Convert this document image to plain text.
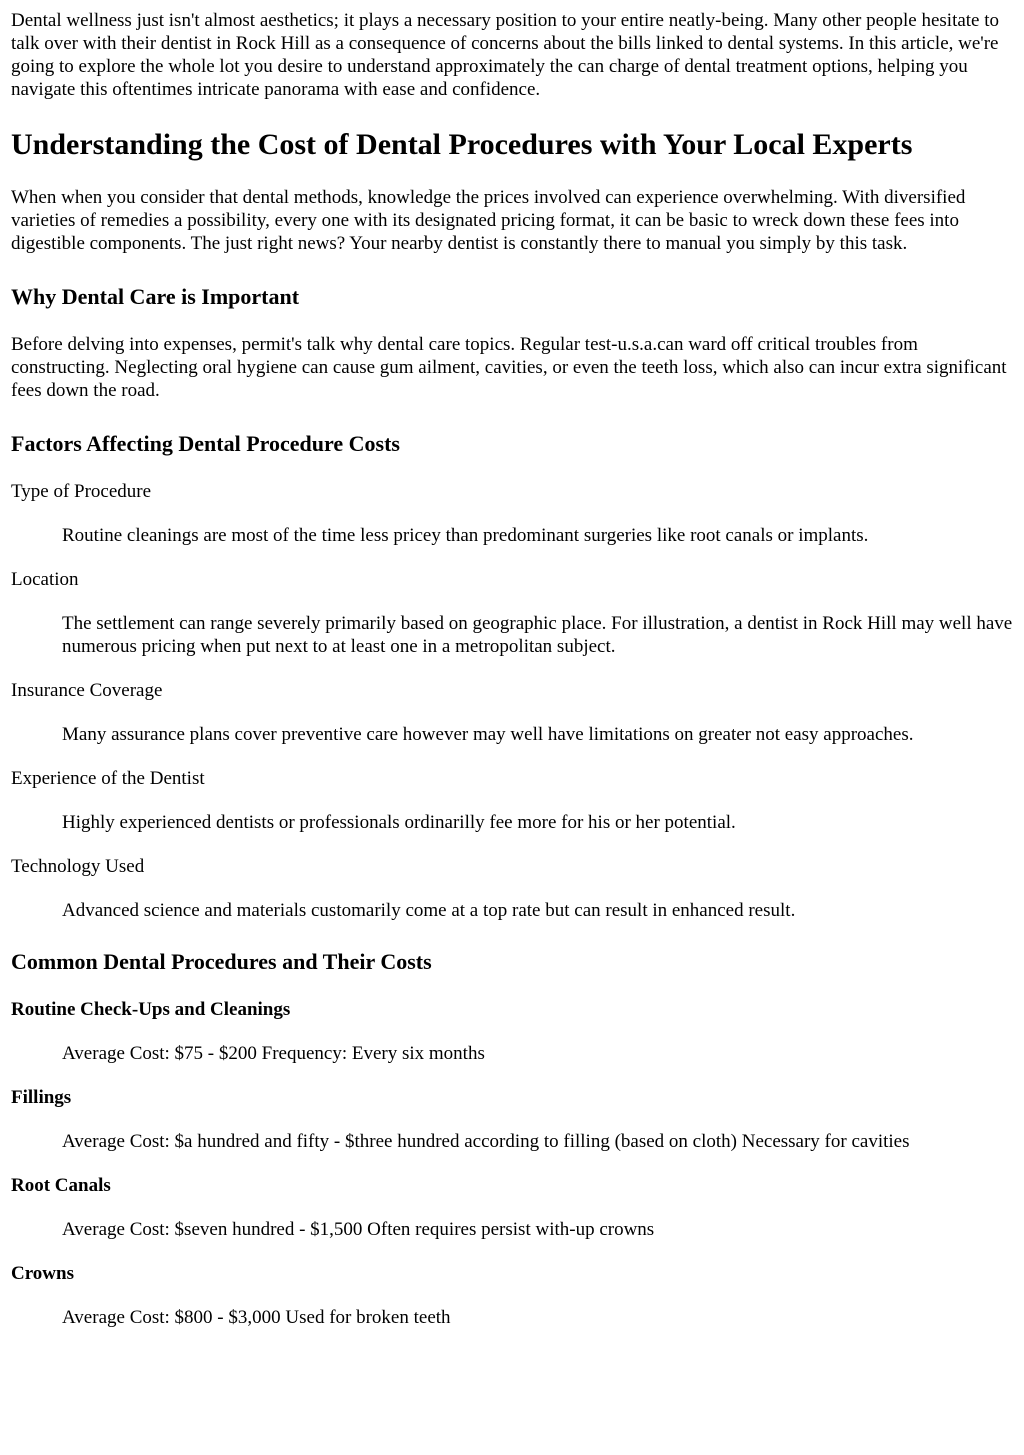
Dental wellness just isn't almost aesthetics; it plays a necessary position to your entire neatly-being. Many other people hesitate to talk over with their dentist in Rock Hill as a consequence of concerns about the bills linked to dental systems. In this article, we're going to explore the whole lot you desire to understand approximately the can charge of dental treatment options, helping you navigate this oftentimes intricate panorama with ease and confidence.

Understanding the Cost of Dental Procedures with Your Local Experts

When when you consider that dental methods, knowledge the prices involved can experience overwhelming. With diversified varieties of remedies a possibility, every one with its designated pricing format, it can be basic to wreck down these fees into digestible components. The just right news? Your nearby dentist is constantly there to manual you simply by this task.

Why Dental Care is Important

Before delving into expenses, permit's talk why dental care topics. Regular test-u.s.a.can ward off critical troubles from constructing. Neglecting oral hygiene can cause gum ailment, cavities, or even the teeth loss, which also can incur extra significant fees down the road.

Factors Affecting Dental Procedure Costs
Type of Procedure
Routine cleanings are most of the time less pricey than predominant surgeries like root canals or implants.
Location
The settlement can range severely primarily based on geographic place. For illustration, a dentist in Rock Hill may well have numerous pricing when put next to at least one in a metropolitan subject.
Insurance Coverage
Many assurance plans cover preventive care however may well have limitations on greater not easy approaches.
Experience of the Dentist
Highly experienced dentists or professionals ordinarilly fee more for his or her potential.
Technology Used
Advanced science and materials customarily come at a top rate but can result in enhanced result.
Common Dental Procedures and Their Costs
Routine Check-Ups and Cleanings
Average Cost: $75 - $200 Frequency: Every six months
Fillings
Average Cost: $a hundred and fifty - $three hundred according to filling (based on cloth) Necessary for cavities
Root Canals
Average Cost: $seven hundred - $1,500 Often requires persist with-up crowns
Crowns
Average Cost: $800 - $3,000 Used for broken teeth
